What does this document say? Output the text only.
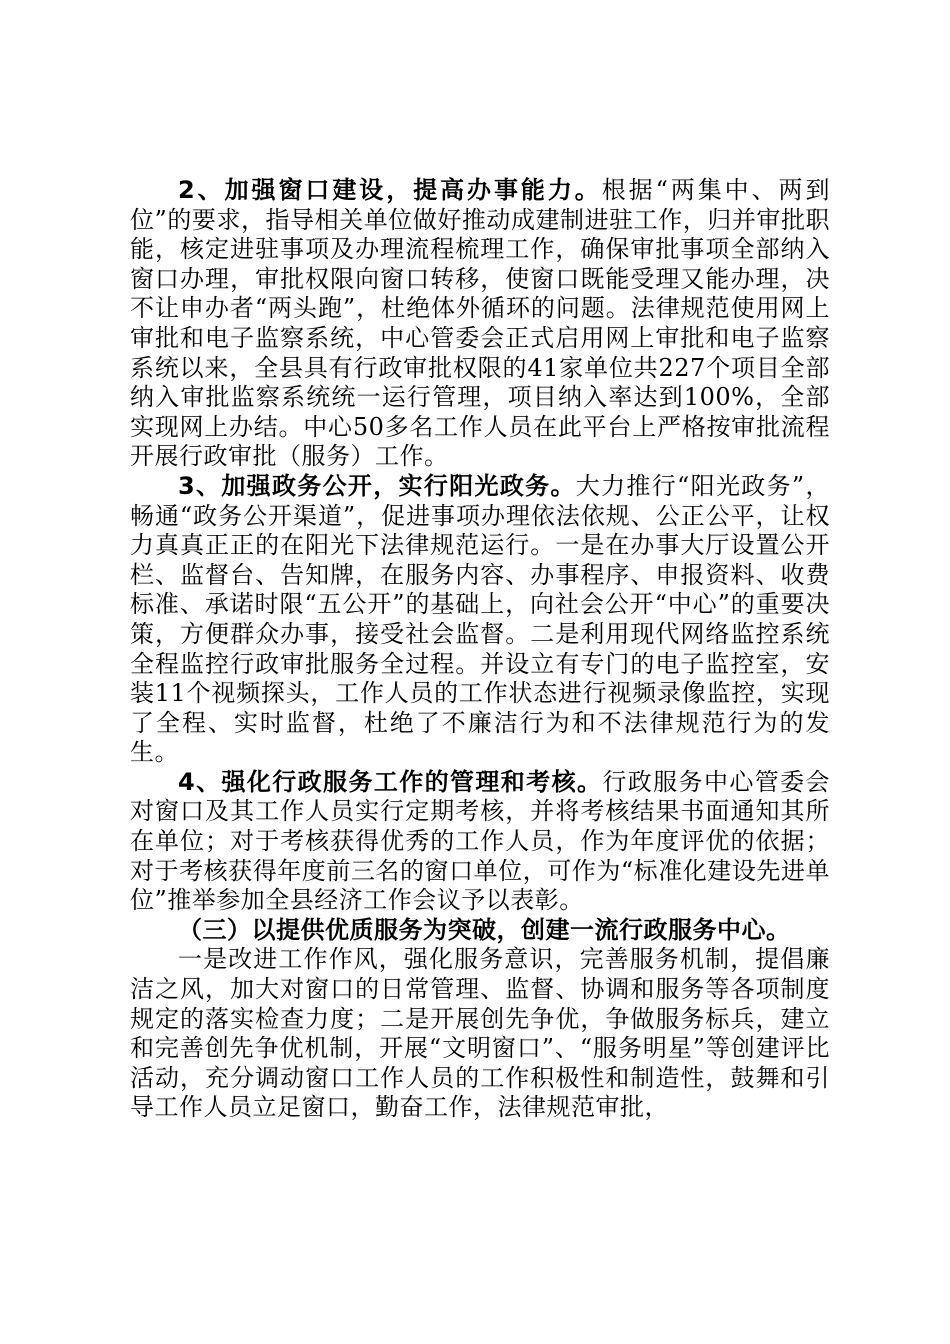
2、加强窗口建设，提高办事能力。根据“两集中、两到位”的要求，指导相关单位做好推动成建制进驻工作，归并审批职能，核定进驻事项及办理流程梳理工作，确保审批事项全部纳入窗口办理，审批权限向窗口转移，使窗口既能受理又能办理，决不让申办者“两头跑”，杜绝体外循环的问题。法律规范使用网上审批和电子监察系统，中心管委会正式启用网上审批和电子监察系统以来，全县具有行政审批权限的41家单位共227个项目全部纳入审批监察系统统一运行管理，项目纳入率达到100%，全部实现网上办结。中心50多名工作人员在此平台上严格按审批流程开展行政审批（服务）工作。

3、加强政务公开，实行阳光政务。大力推行“阳光政务”，畅通“政务公开渠道”，促进事项办理依法依规、公正公平，让权力真真正正的在阳光下法律规范运行。一是在办事大厅设置公开栏、监督台、告知牌，在服务内容、办事程序、申报资料、收费标准、承诺时限“五公开”的基础上，向社会公开“中心”的重要决策，方便群众办事，接受社会监督。二是利用现代网络监控系统全程监控行政审批服务全过程。并设立有专门的电子监控室，安装11个视频探头，工作人员的工作状态进行视频录像监控，实现了全程、实时监督，杜绝了不廉洁行为和不法律规范行为的发生。

4、强化行政服务工作的管理和考核。行政服务中心管委会对窗口及其工作人员实行定期考核，并将考核结果书面通知其所在单位；对于考核获得优秀的工作人员，作为年度评优的依据；对于考核获得年度前三名的窗口单位，可作为“标准化建设先进单位”推举参加全县经济工作会议予以表彰。

（三）以提供优质服务为突破，创建一流行政服务中心。

一是改进工作作风，强化服务意识，完善服务机制，提倡廉洁之风，加大对窗口的日常管理、监督、协调和服务等各项制度规定的落实检查力度；二是开展创先争优，争做服务标兵，建立和完善创先争优机制，开展“文明窗口”、“服务明星”等创建评比活动，充分调动窗口工作人员的工作积极性和制造性，鼓舞和引导工作人员立足窗口，勤奋工作，法律规范审批，
